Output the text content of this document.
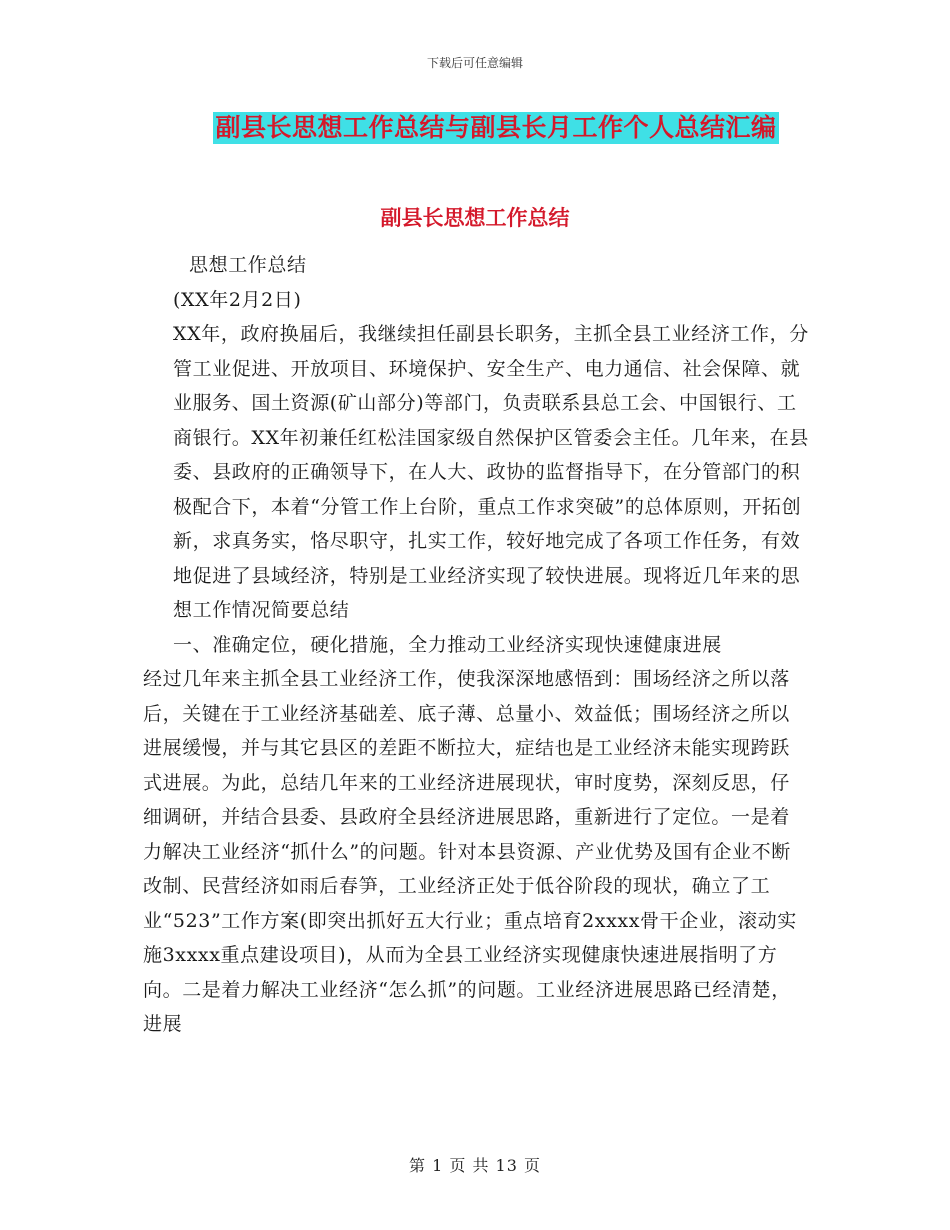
下载后可任意编辑
副县长思想工作总结与副县长月工作个人总结汇编
副县长思想工作总结

思想工作总结

(XX年2月2日)

XX年，政府换届后，我继续担任副县长职务，主抓全县工业经济工作，分管工业促进、开放项目、环境保护、安全生产、电力通信、社会保障、就业服务、国土资源(矿山部分)等部门，负责联系县总工会、中国银行、工商银行。XX年初兼任红松洼国家级自然保护区管委会主任。几年来，在县委、县政府的正确领导下，在人大、政协的监督指导下，在分管部门的积极配合下，本着“分管工作上台阶，重点工作求突破”的总体原则，开拓创新，求真务实，恪尽职守，扎实工作，较好地完成了各项工作任务，有效地促进了县域经济，特别是工业经济实现了较快进展。现将近几年来的思想工作情况简要总结

一、准确定位，硬化措施，全力推动工业经济实现快速健康进展

经过几年来主抓全县工业经济工作，使我深深地感悟到：围场经济之所以落后，关键在于工业经济基础差、底子薄、总量小、效益低；围场经济之所以进展缓慢，并与其它县区的差距不断拉大，症结也是工业经济未能实现跨跃式进展。为此，总结几年来的工业经济进展现状，审时度势，深刻反思，仔细调研，并结合县委、县政府全县经济进展思路，重新进行了定位。一是着力解决工业经济“抓什么”的问题。针对本县资源、产业优势及国有企业不断改制、民营经济如雨后春笋，工业经济正处于低谷阶段的现状，确立了工业“523”工作方案(即突出抓好五大行业；重点培育2xxxx骨干企业，滚动实施3xxxx重点建设项目)，从而为全县工业经济实现健康快速进展指明了方向。二是着力解决工业经济“怎么抓”的问题。工业经济进展思路已经清楚，进展

第 1 页 共 13 页
